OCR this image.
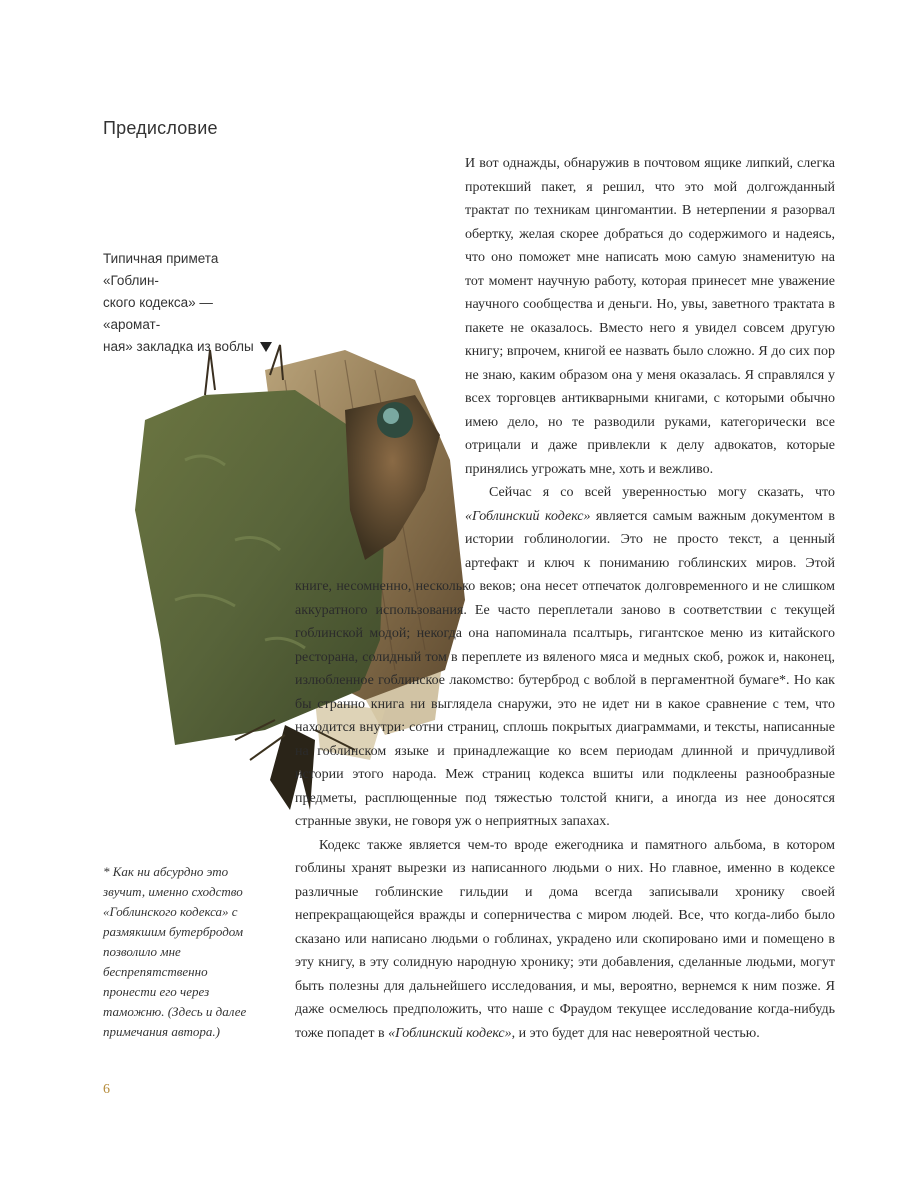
Предисловие
Типичная примета «Гоблин-
ского кодекса» — «аромат-
ная» закладка из воблы

И вот однажды, обнаружив в почтовом ящике липкий, слегка протекший пакет, я решил, что это мой долгожданный трактат по техникам цингомантии. В нетерпении я разорвал обертку, желая скорее добраться до содержимого и надеясь, что оно поможет мне написать мою самую знаменитую на тот момент научную работу, которая принесет мне уважение научного сообщества и деньги. Но, увы, заветного трактата в пакете не оказалось. Вместо него я увидел совсем другую книгу; впрочем, книгой ее назвать было сложно. Я до сих пор не знаю, каким образом она у меня оказалась. Я справлялся у всех торговцев антикварными книгами, с которыми обычно имею дело, но те разводили руками, категорически все отрицали и даже привлекли к делу адвокатов, которые принялись угрожать мне, хоть и вежливо.

Сейчас я со всей уверенностью могу сказать, что «Гоблинский кодекс» является самым важным документом в истории гоблинологии. Это не просто текст, а ценный артефакт и ключ к пониманию гоблинских миров. Этой книге, несомненно, несколько веков; она несет отпечаток долговременного и не слишком аккуратного использования. Ее часто переплетали заново в соответствии с текущей гоблинской модой; некогда она напоминала псалтырь, гигантское меню из китайского ресторана, солидный том в переплете из вяленого мяса и медных скоб, рожок и, наконец, излюбленное гоблинское лакомство: бутерброд с воблой в пергаментной бумаге*. Но как бы странно книга ни выглядела снаружи, это не идет ни в какое сравнение с тем, что находится внутри: сотни страниц, сплошь покрытых диаграммами, и тексты, написанные на гоблинском языке и принадлежащие ко всем периодам длинной и причудливой истории этого народа. Меж страниц кодекса вшиты или подклеены разнообразные предметы, расплющенные под тяжестью толстой книги, а иногда из нее доносятся странные звуки, не говоря уж о неприятных запахах.

Кодекс также является чем-то вроде ежегодника и памятного альбома, в котором гоблины хранят вырезки из написанного людьми о них. Но главное, именно в кодексе различные гоблинские гильдии и дома всегда записывали хронику своей непрекращающейся вражды и соперничества с миром людей. Все, что когда-либо было сказано или написано людьми о гоблинах, украдено или скопировано ими и помещено в эту книгу, в эту солидную народную хронику; эти добавления, сделанные людьми, могут быть полезны для дальнейшего исследования, и мы, вероятно, вернемся к ним позже. Я даже осмелюсь предположить, что наше с Фраудом текущее исследование когда-нибудь тоже попадет в «Гоблинский кодекс», и это будет для нас невероятной честью.

* Как ни абсурдно это звучит, именно сходство «Гоблинского кодекса» с размякшим бутербродом позволило мне беспрепятственно пронести его через таможню. (Здесь и далее примечания автора.)
6
